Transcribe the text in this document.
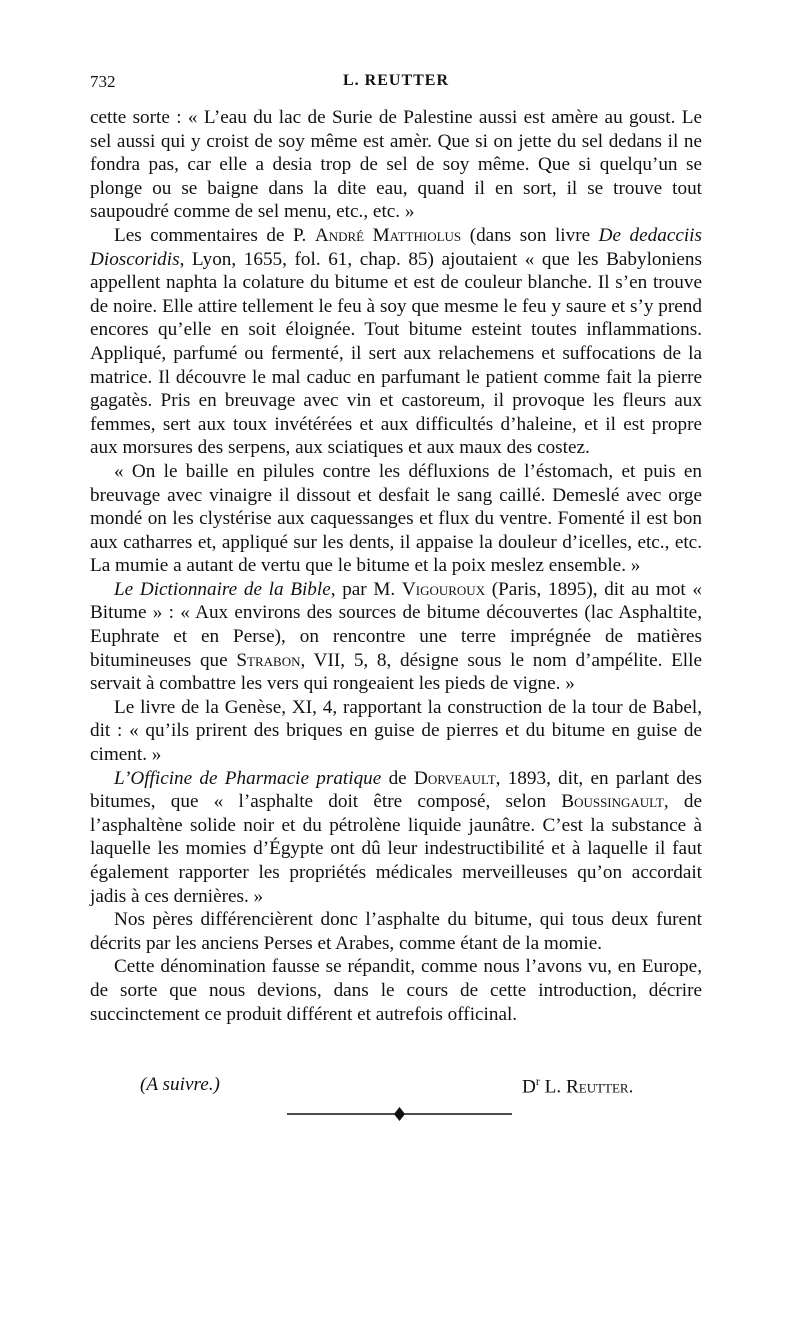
732	L. REUTTER

cette sorte : « L’eau du lac de Surie de Palestine aussi est amère au goust. Le sel aussi qui y croist de soy même est amèr. Que si on jette du sel dedans il ne fondra pas, car elle a desia trop de sel de soy même. Que si quelqu’un se plonge ou se baigne dans la dite eau, quand il en sort, il se trouve tout saupoudré comme de sel menu, etc., etc. »

Les commentaires de P. André Matthiolus (dans son livre De dedacciis Dioscoridis, Lyon, 1655, fol. 61, chap. 85) ajoutaient « que les Babyloniens appellent naphta la colature du bitume et est de couleur blanche. Il s’en trouve de noire. Elle attire tellement le feu à soy que mesme le feu y saure et s’y prend encores qu’elle en soit éloignée. Tout bitume esteint toutes inflammations. Appliqué, parfumé ou fermenté, il sert aux relachemens et suffocations de la matrice. Il découvre le mal caduc en parfumant le patient comme fait la pierre gagatès. Pris en breuvage avec vin et castoreum, il provoque les fleurs aux femmes, sert aux toux invétérées et aux difficultés d’haleine, et il est propre aux morsures des serpens, aux sciatiques et aux maux des costez.

« On le baille en pilules contre les défluxions de l’éstomach, et puis en breuvage avec vinaigre il dissout et desfait le sang caillé. Demeslé avec orge mondé on les clystérise aux caquessanges et flux du ventre. Fomenté il est bon aux catharres et, appliqué sur les dents, il appaise la douleur d’icelles, etc., etc. La mumie a autant de vertu que le bitume et la poix meslez ensemble. »

Le Dictionnaire de la Bible, par M. Vigouroux (Paris, 1895), dit au mot « Bitume » : « Aux environs des sources de bitume découvertes (lac Asphaltite, Euphrate et en Perse), on rencontre une terre imprégnée de matières bitumineuses que Strabon, VII, 5, 8, désigne sous le nom d’ampélite. Elle servait à combattre les vers qui rongeaient les pieds de vigne. »

Le livre de la Genèse, XI, 4, rapportant la construction de la tour de Babel, dit : « qu’ils prirent des briques en guise de pierres et du bitume en guise de ciment. »

L’Officine de Pharmacie pratique de Dorveault, 1893, dit, en parlant des bitumes, que « l’asphalte doit être composé, selon Boussingault, de l’asphaltène solide noir et du pétrolène liquide jaunâtre. C’est la substance à laquelle les momies d’Égypte ont dû leur indestructibilité et à laquelle il faut également rapporter les propriétés médicales merveilleuses qu’on accordait jadis à ces dernières. »

Nos pères différencièrent donc l’asphalte du bitume, qui tous deux furent décrits par les anciens Perses et Arabes, comme étant de la momie.

Cette dénomination fausse se répandit, comme nous l’avons vu, en Europe, de sorte que nous devions, dans le cours de cette introduction, décrire succinctement ce produit différent et autrefois officinal.

(A suivre.)	$D^r$ L. Reutter.
